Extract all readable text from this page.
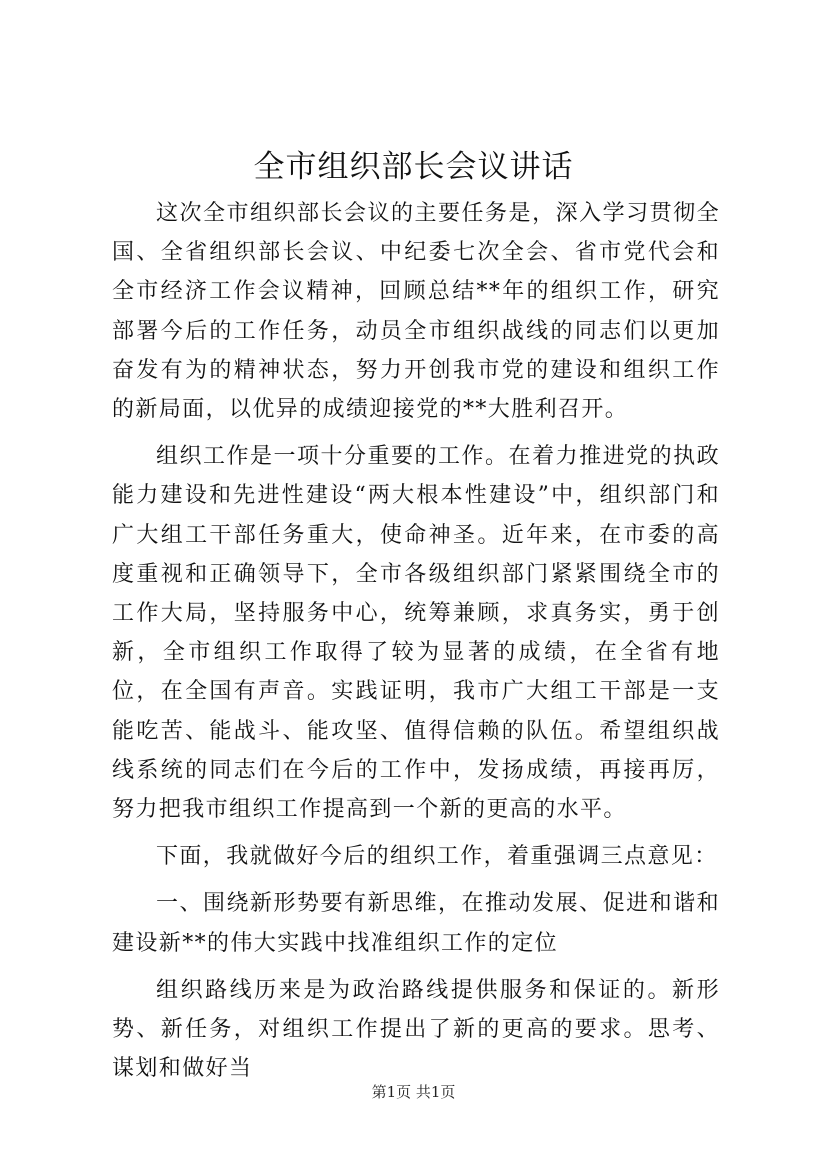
全市组织部长会议讲话

这次全市组织部长会议的主要任务是，深入学习贯彻全国、全省组织部长会议、中纪委七次全会、省市党代会和全市经济工作会议精神，回顾总结**年的组织工作，研究部署今后的工作任务，动员全市组织战线的同志们以更加奋发有为的精神状态，努力开创我市党的建设和组织工作的新局面，以优异的成绩迎接党的**大胜利召开。

组织工作是一项十分重要的工作。在着力推进党的执政能力建设和先进性建设“两大根本性建设”中，组织部门和广大组工干部任务重大，使命神圣。近年来，在市委的高度重视和正确领导下，全市各级组织部门紧紧围绕全市的工作大局，坚持服务中心，统筹兼顾，求真务实，勇于创新，全市组织工作取得了较为显著的成绩，在全省有地位，在全国有声音。实践证明，我市广大组工干部是一支能吃苦、能战斗、能攻坚、值得信赖的队伍。希望组织战线系统的同志们在今后的工作中，发扬成绩，再接再厉，努力把我市组织工作提高到一个新的更高的水平。

下面，我就做好今后的组织工作，着重强调三点意见：

一、围绕新形势要有新思维，在推动发展、促进和谐和建设新**的伟大实践中找准组织工作的定位

组织路线历来是为政治路线提供服务和保证的。新形势、新任务，对组织工作提出了新的更高的要求。思考、谋划和做好当

第1页 共1页
